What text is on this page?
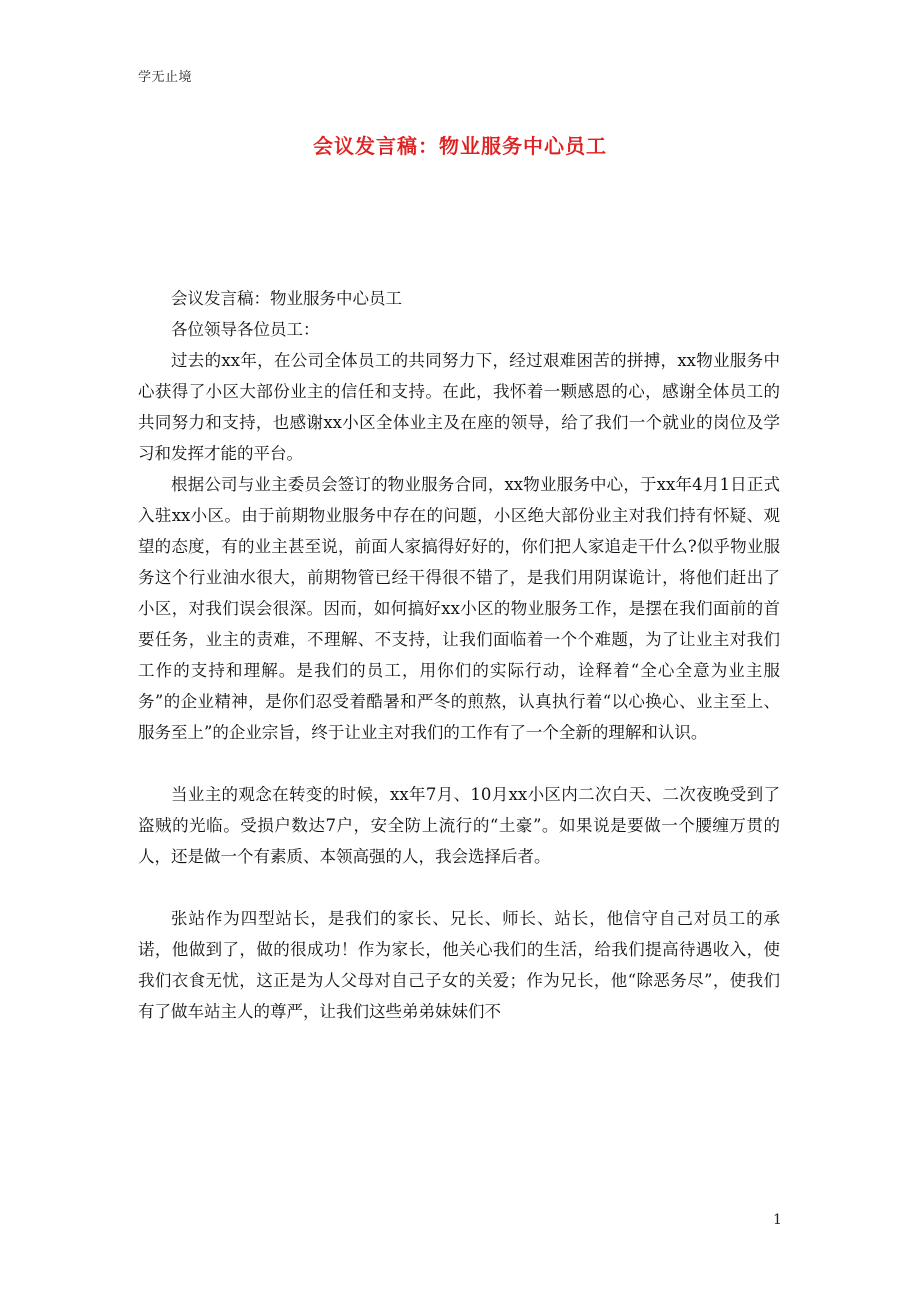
学无止境
会议发言稿：物业服务中心员工

会议发言稿：物业服务中心员工

各位领导各位员工：

过去的xx年，在公司全体员工的共同努力下，经过艰难困苦的拼搏，xx物业服务中心获得了小区大部份业主的信任和支持。在此，我怀着一颗感恩的心，感谢全体员工的共同努力和支持，也感谢xx小区全体业主及在座的领导，给了我们一个就业的岗位及学习和发挥才能的平台。

根据公司与业主委员会签订的物业服务合同，xx物业服务中心，于xx年4月1日正式入驻xx小区。由于前期物业服务中存在的问题，小区绝大部份业主对我们持有怀疑、观望的态度，有的业主甚至说，前面人家搞得好好的，你们把人家追走干什么?似乎物业服务这个行业油水很大，前期物管已经干得很不错了，是我们用阴谋诡计，将他们赶出了小区，对我们误会很深。因而，如何搞好xx小区的物业服务工作，是摆在我们面前的首要任务，业主的责难，不理解、不支持，让我们面临着一个个难题，为了让业主对我们工作的支持和理解。是我们的员工，用你们的实际行动，诠释着“全心全意为业主服务”的企业精神，是你们忍受着酷暑和严冬的煎熬，认真执行着“以心换心、业主至上、服务至上”的企业宗旨，终于让业主对我们的工作有了一个全新的理解和认识。

当业主的观念在转变的时候，xx年7月、10月xx小区内二次白天、二次夜晚受到了盗贼的光临。受损户数达7户，安全防上流行的“土豪”。如果说是要做一个腰缠万贯的人，还是做一个有素质、本领高强的人，我会选择后者。

张站作为四型站长，是我们的家长、兄长、师长、站长，他信守自己对员工的承诺，他做到了，做的很成功！作为家长，他关心我们的生活，给我们提高待遇收入，使我们衣食无忧，这正是为人父母对自己子女的关爱；作为兄长，他“除恶务尽”，使我们有了做车站主人的尊严，让我们这些弟弟妹妹们不

1
